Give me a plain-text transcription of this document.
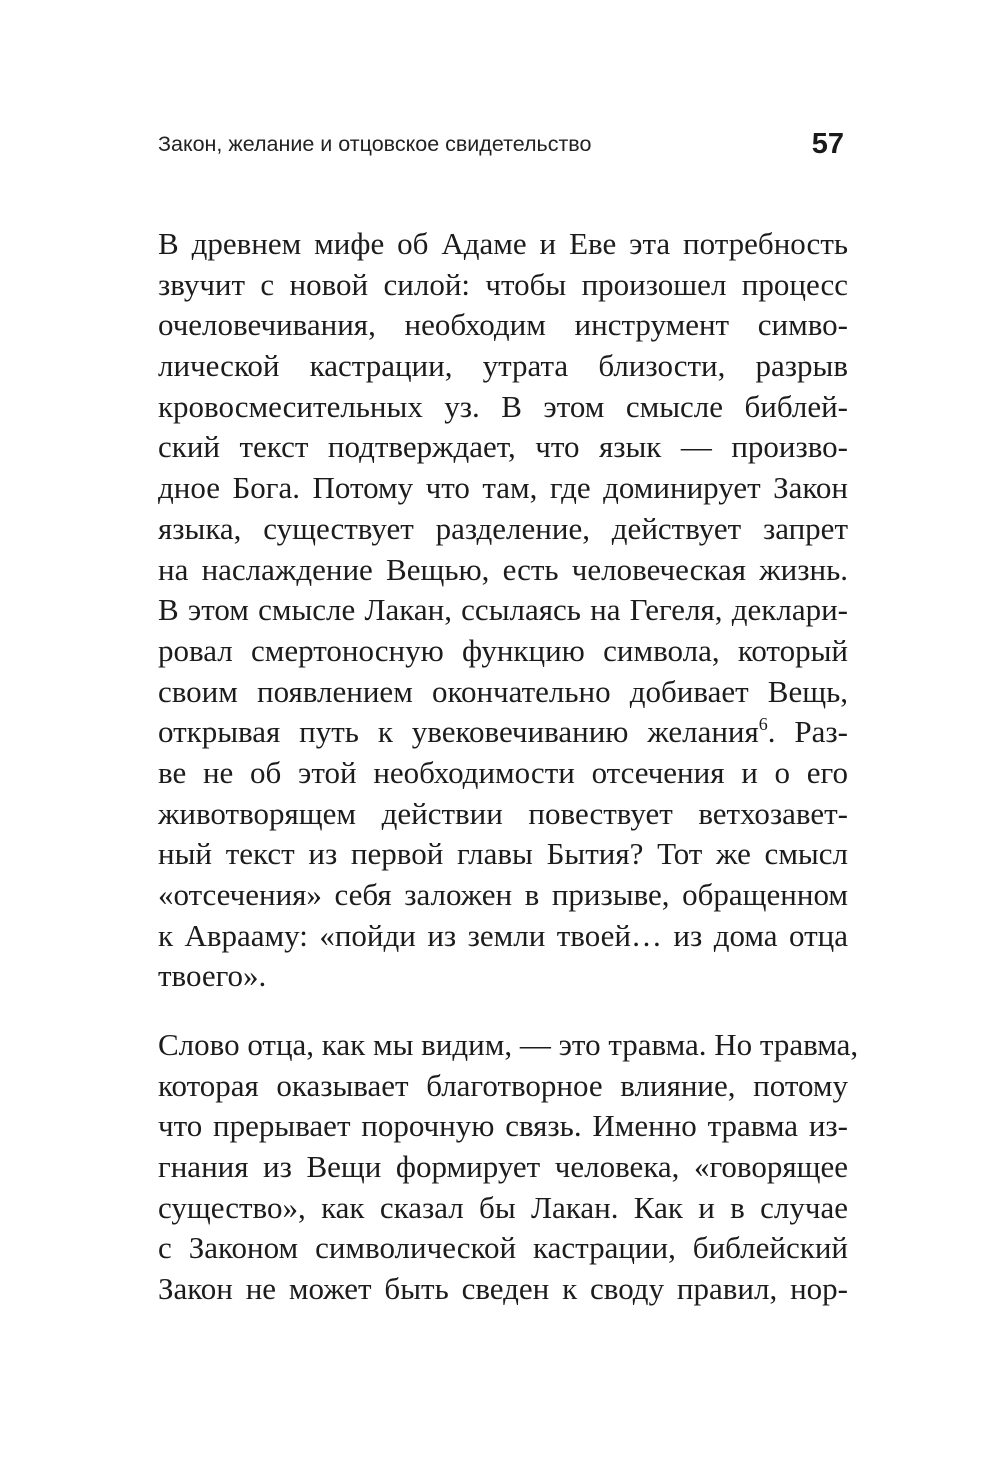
Закон, желание и отцовское свидетельство	57
В древнем мифе об Адаме и Еве эта потребность
звучит с новой силой: чтобы произошел процесс
очеловечивания, необходим инструмент симво-
лической кастрации, утрата близости, разрыв
кровосмесительных уз. В этом смысле библей-
ский текст подтверждает, что язык — произво-
дное Бога. Потому что там, где доминирует Закон
языка, существует разделение, действует запрет
на наслаждение Вещью, есть человеческая жизнь.
В этом смысле Лакан, ссылаясь на Гегеля, деклари-
ровал смертоносную функцию символа, который
своим появлением окончательно добивает Вещь,
открывая путь к увековечиванию желания$^6$. Раз-
ве не об этой необходимости отсечения и о его
животворящем действии повествует ветхозавет-
ный текст из первой главы Бытия? Тот же смысл
«отсечения» себя заложен в призыве, обращенном
к Аврааму: «пойди из земли твоей… из дома отца
твоего».
Слово отца, как мы видим, — это травма. Но травма,
которая оказывает благотворное влияние, потому
что прерывает порочную связь. Именно травма из-
гнания из Вещи формирует человека, «говорящее
существо», как сказал бы Лакан. Как и в случае
с Законом символической кастрации, библейский
Закон не может быть сведен к своду правил, нор-
